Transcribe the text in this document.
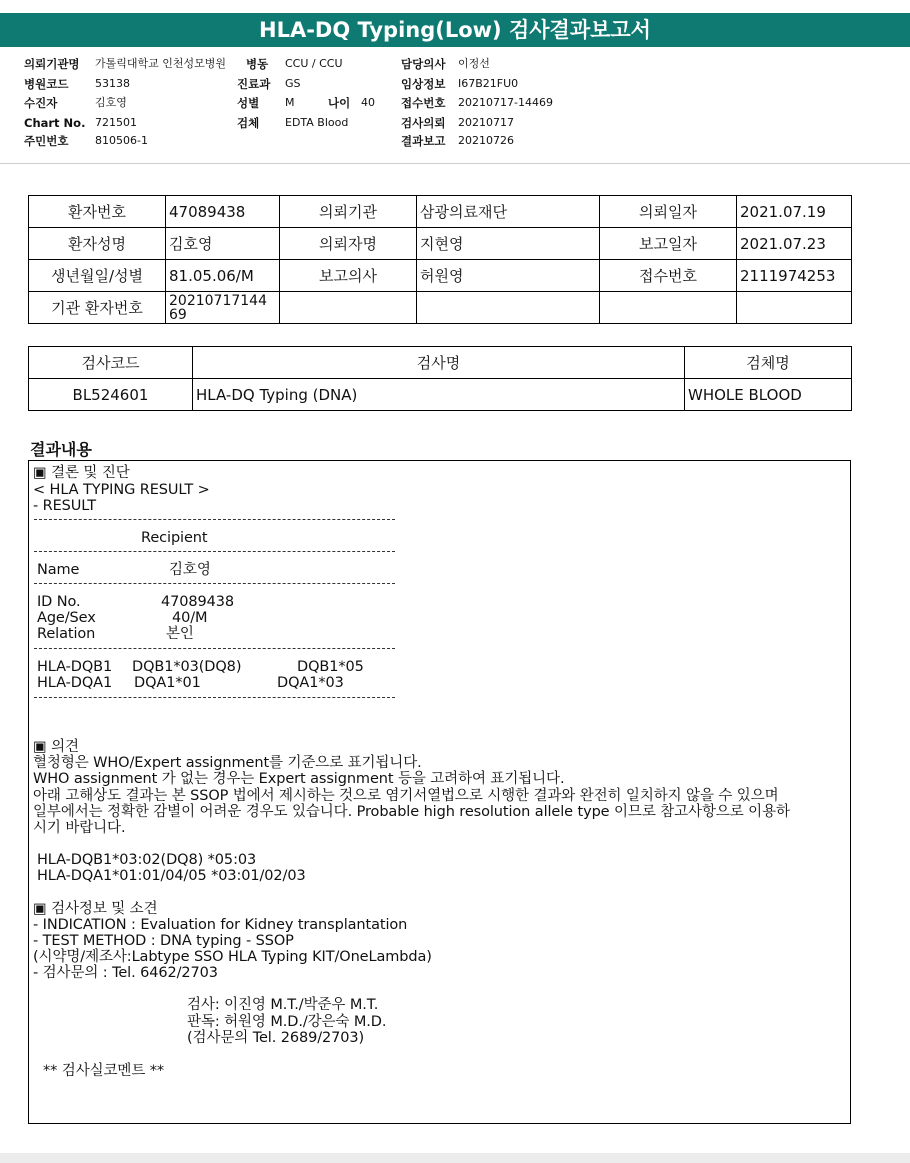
HLA-DQ Typing(Low) 검사결과보고서
의뢰기관명 가톨릭대학교 인천성모병원
병원코드 53138
수진자	김호영
Chart No. 721501
주민번호 810506-1
병동 CCU / CCU
진료과 GS
성별 M	나이 40
검체 EDTA Blood
담당의사 이정선
임상정보 I67B21FU0
접수번호 20210717-14469
검사의뢰 20210717
결과보고 20210726
환자번호	47089438	의뢰기관	삼광의료재단	의뢰일자	2021.07.19
환자성명	김호영	의뢰자명	지현영	보고일자	2021.07.23
생년월일/성별	81.05.06/M	보고의사	허원영	접수번호	2111974253
기관 환자번호	20210717144
69				
검사코드	검사명	검체명
BL524601	HLA-DQ Typing (DNA)	WHOLE BLOOD
결과내용
▣ 결론 및 진단
< HLA TYPING RESULT >
- RESULT
Recipient
Name	김호영
ID No.	47089438
Age/Sex	40/M
Relation	본인
HLA-DQB1 DQB1*03(DQ8)	DQB1*05
HLA-DQA1 DQA1*01	DQA1*03
▣ 의견
혈청형은 WHO/Expert assignment를 기준으로 표기됩니다.
WHO assignment 가 없는 경우는 Expert assignment 등을 고려하여 표기됩니다.
아래 고해상도 결과는 본 SSOP 법에서 제시하는 것으로 염기서열법으로 시행한 결과와 완전히 일치하지 않을 수 있으며
일부에서는 정확한 감별이 어려운 경우도 있습니다. Probable high resolution allele type 이므로 참고사항으로 이용하
시기 바랍니다.
HLA-DQB1*03:02(DQ8) *05:03
HLA-DQA1*01:01/04/05 *03:01/02/03
▣ 검사정보 및 소견
- INDICATION : Evaluation for Kidney transplantation
- TEST METHOD : DNA typing - SSOP
(시약명/제조사:Labtype SSO HLA Typing KIT/OneLambda)
- 검사문의 : Tel. 6462/2703
검사: 이진영 M.T./박준우 M.T.
판독: 허원영 M.D./강은숙 M.D.
(검사문의 Tel. 2689/2703)
** 검사실코멘트 **
